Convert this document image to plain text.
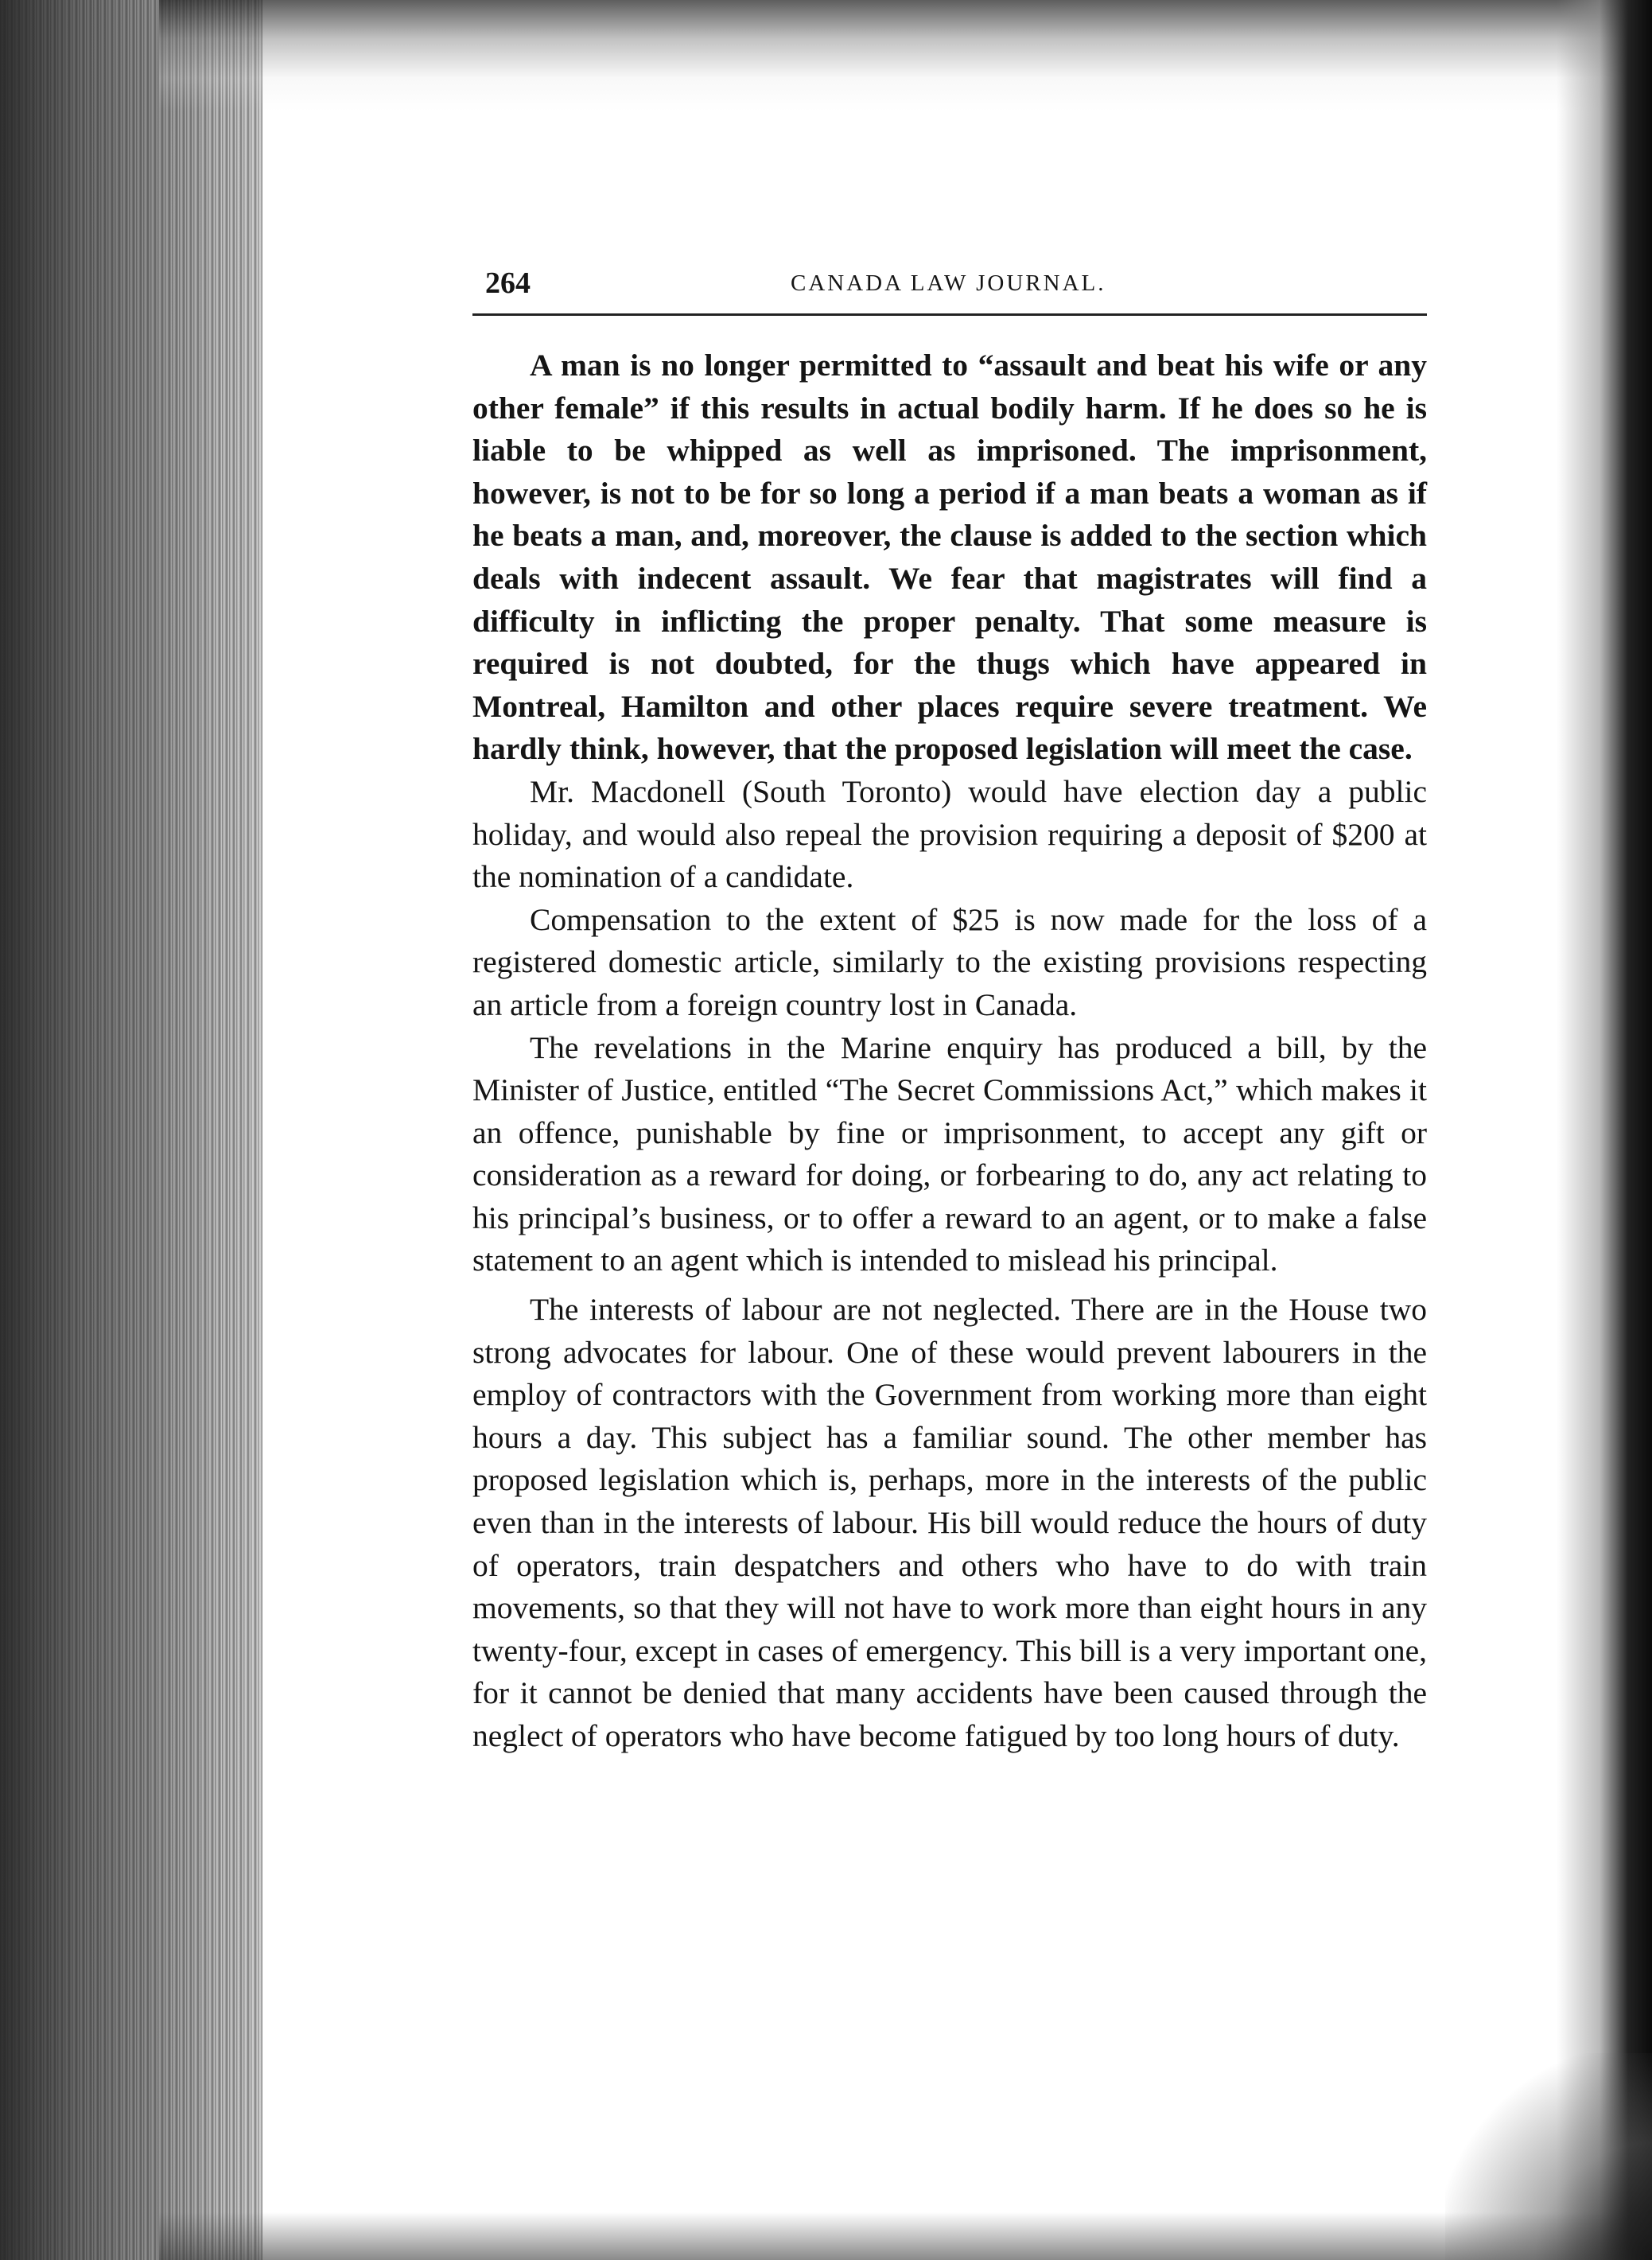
264	CANADA LAW JOURNAL.

A man is no longer permitted to “assault and beat his wife or any other female” if this results in actual bodily harm. If he does so he is liable to be whipped as well as imprisoned. The imprisonment, however, is not to be for so long a period if a man beats a woman as if he beats a man, and, moreover, the clause is added to the section which deals with indecent assault. We fear that magistrates will find a difficulty in inflicting the proper penalty. That some measure is required is not doubted, for the thugs which have appeared in Montreal, Hamilton and other places require severe treatment. We hardly think, however, that the proposed legislation will meet the case.

Mr. Macdonell (South Toronto) would have election day a public holiday, and would also repeal the provision requiring a deposit of $200 at the nomination of a candidate.

Compensation to the extent of $25 is now made for the loss of a registered domestic article, similarly to the existing provisions respecting an article from a foreign country lost in Canada.

The revelations in the Marine enquiry has produced a bill, by the Minister of Justice, entitled “The Secret Commissions Act,” which makes it an offence, punishable by fine or imprisonment, to accept any gift or consideration as a reward for doing, or forbearing to do, any act relating to his principal’s business, or to offer a reward to an agent, or to make a false statement to an agent which is intended to mislead his principal.

The interests of labour are not neglected. There are in the House two strong advocates for labour. One of these would prevent labourers in the employ of contractors with the Government from working more than eight hours a day. This subject has a familiar sound. The other member has proposed legislation which is, perhaps, more in the interests of the public even than in the interests of labour. His bill would reduce the hours of duty of operators, train despatchers and others who have to do with train movements, so that they will not have to work more than eight hours in any twenty-four, except in cases of emergency. This bill is a very important one, for it cannot be denied that many accidents have been caused through the neglect of operators who have become fatigued by too long hours of duty.
